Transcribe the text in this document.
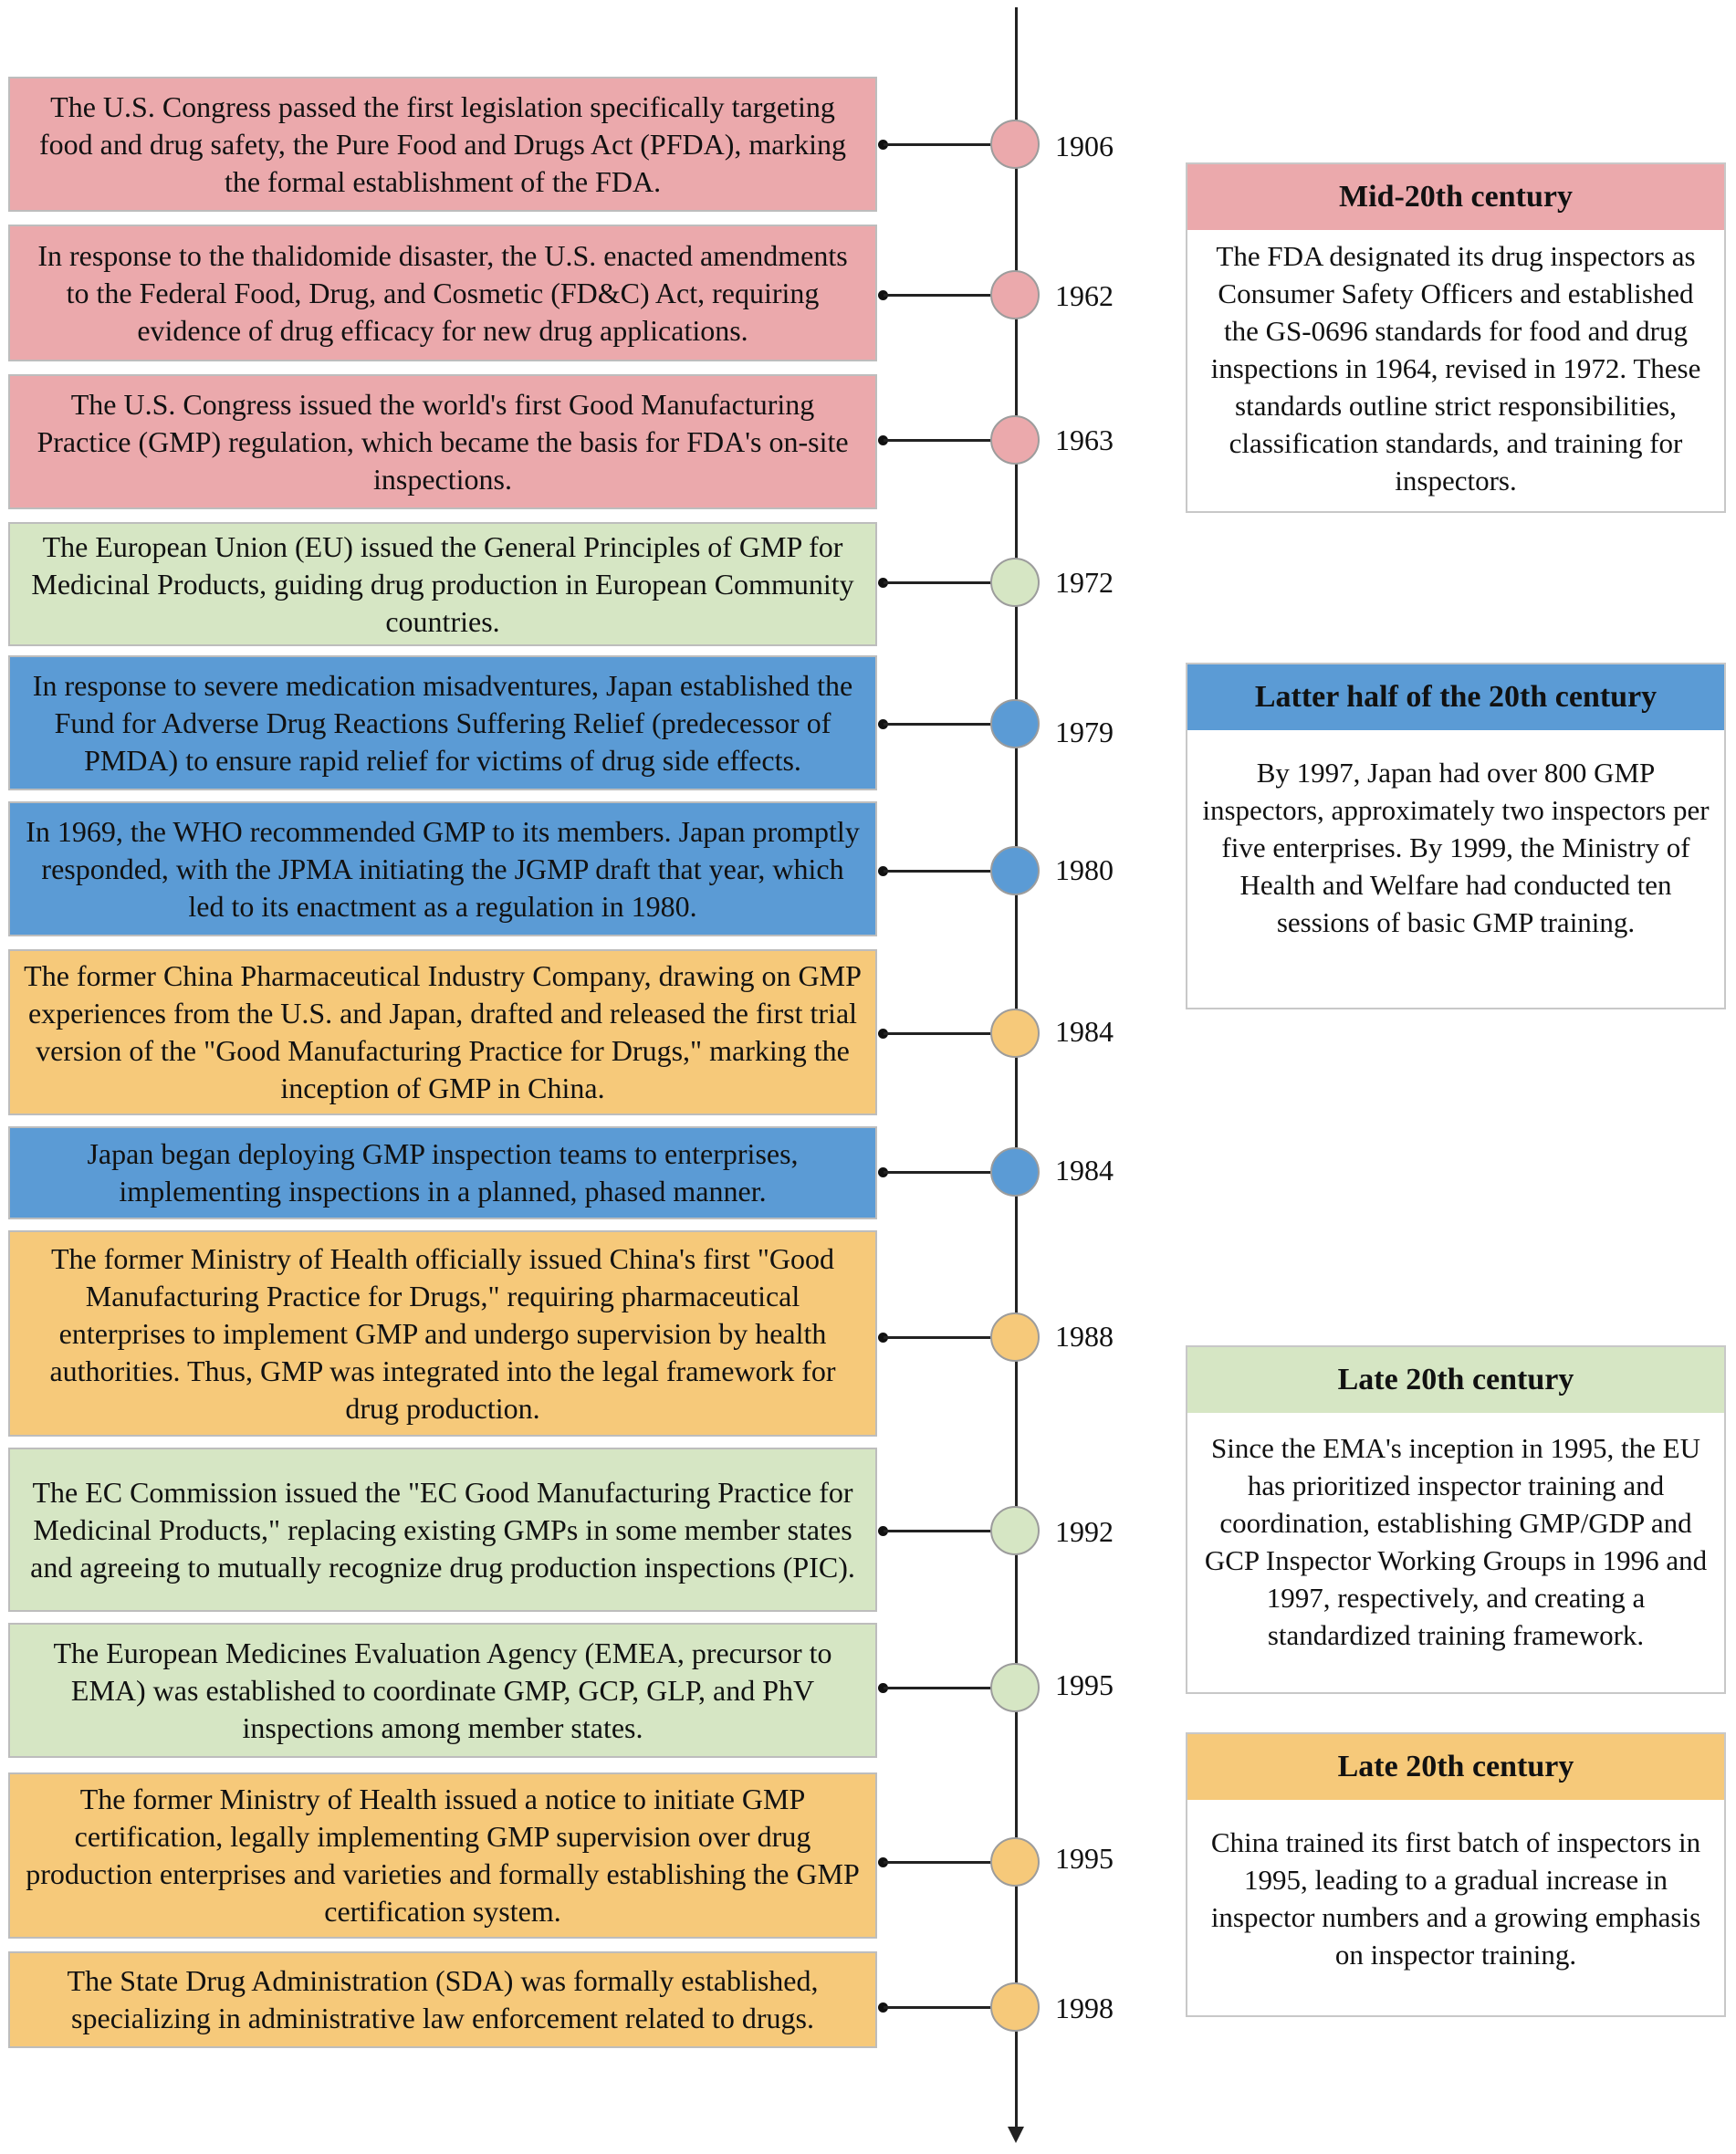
The U.S. Congress passed the first legislation specifically targeting food and drug safety, the Pure Food and Drugs Act (PFDA), marking the formal establishment of the FDA.
1906
In response to the thalidomide disaster, the U.S. enacted amendments to the Federal Food, Drug, and Cosmetic (FD&C) Act, requiring evidence of drug efficacy for new drug applications.
1962
The U.S. Congress issued the world's first Good Manufacturing Practice (GMP) regulation, which became the basis for FDA's on-site inspections.
1963
The European Union (EU) issued the General Principles of GMP for Medicinal Products, guiding drug production in European Community countries.
1972
In response to severe medication misadventures, Japan established the Fund for Adverse Drug Reactions Suffering Relief (predecessor of PMDA) to ensure rapid relief for victims of drug side effects.
1979
In 1969, the WHO recommended GMP to its members. Japan promptly responded, with the JPMA initiating the JGMP draft that year, which led to its enactment as a regulation in 1980.
1980
The former China Pharmaceutical Industry Company, drawing on GMP experiences from the U.S. and Japan, drafted and released the first trial version of the "Good Manufacturing Practice for Drugs," marking the inception of GMP in China.
1984
Japan began deploying GMP inspection teams to enterprises, implementing inspections in a planned, phased manner.
1984
The former Ministry of Health officially issued China's first "Good Manufacturing Practice for Drugs," requiring pharmaceutical enterprises to implement GMP and undergo supervision by health authorities. Thus, GMP was integrated into the legal framework for drug production.
1988
The EC Commission issued the "EC Good Manufacturing Practice for Medicinal Products," replacing existing GMPs in some member states and agreeing to mutually recognize drug production inspections (PIC).
1992
The European Medicines Evaluation Agency (EMEA, precursor to EMA) was established to coordinate GMP, GCP, GLP, and PhV inspections among member states.
1995
The former Ministry of Health issued a notice to initiate GMP certification, legally implementing GMP supervision over drug production enterprises and varieties and formally establishing the GMP certification system.
1995
The State Drug Administration (SDA) was formally established, specializing in administrative law enforcement related to drugs.	1998
Mid-20th century
The FDA designated its drug inspectors as Consumer Safety Officers and established the GS-0696 standards for food and drug inspections in 1964, revised in 1972. These standards outline strict responsibilities, classification standards, and training for inspectors.
Latter half of the 20th century
By 1997, Japan had over 800 GMP inspectors, approximately two inspectors per five enterprises. By 1999, the Ministry of Health and Welfare had conducted ten sessions of basic GMP training.
Late 20th century
Since the EMA's inception in 1995, the EU has prioritized inspector training and coordination, establishing GMP/GDP and GCP Inspector Working Groups in 1996 and 1997, respectively, and creating a standardized training framework.
Late 20th century
China trained its first batch of inspectors in 1995, leading to a gradual increase in inspector numbers and a growing emphasis on inspector training.
